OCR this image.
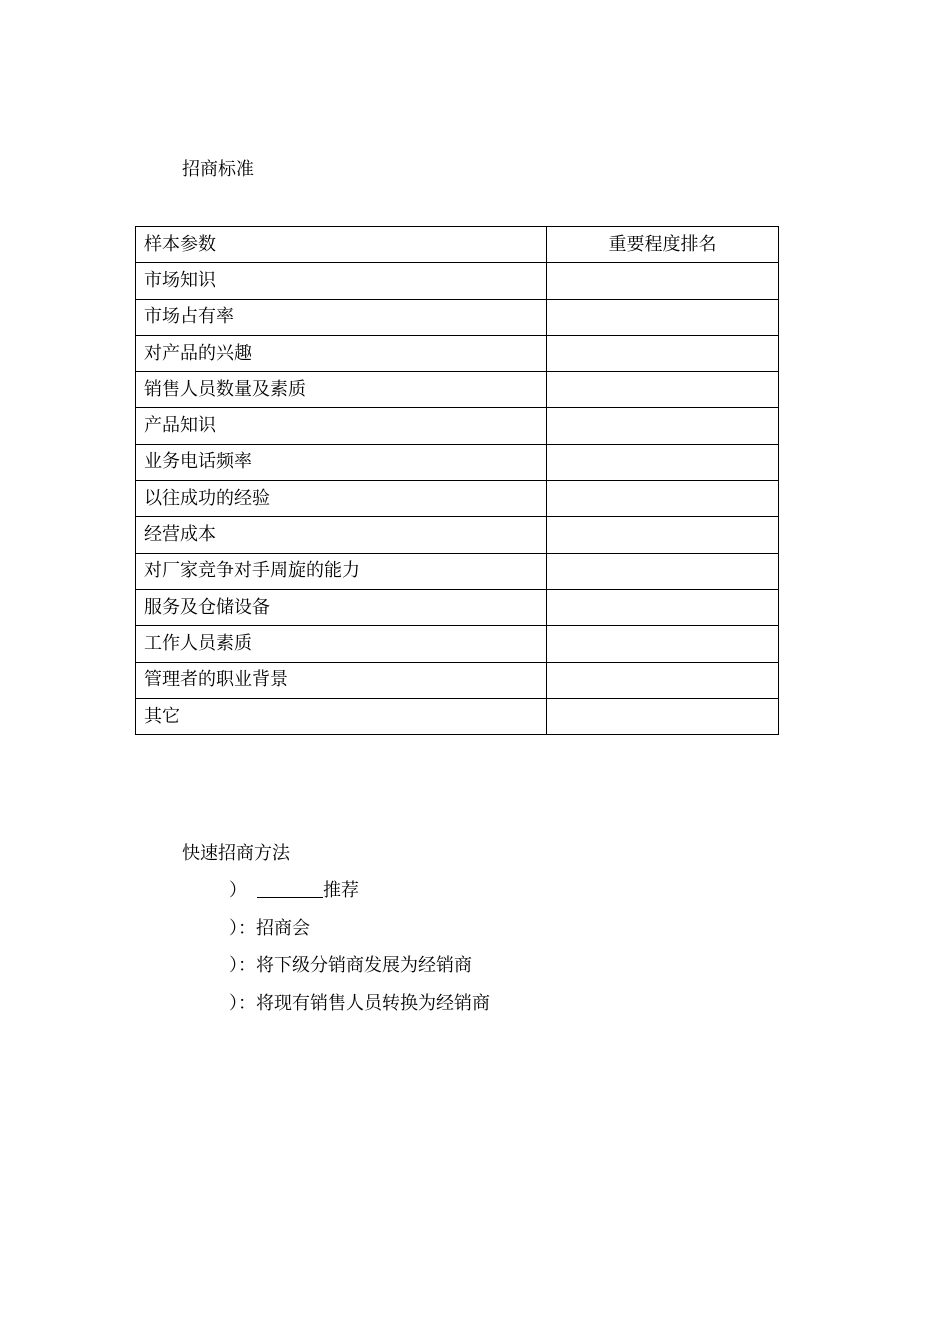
招商标准
样本参数	重要程度排名
市场知识	
市场占有率	
对产品的兴趣	
销售人员数量及素质	
产品知识	
业务电话频率	
以往成功的经验	
经营成本	
对厂家竞争对手周旋的能力	
服务及仓储设备	
工作人员素质	
管理者的职业背景	
其它	
快速招商方法
）	推荐
）：招商会
）：将下级分销商发展为经销商
）：将现有销售人员转换为经销商
